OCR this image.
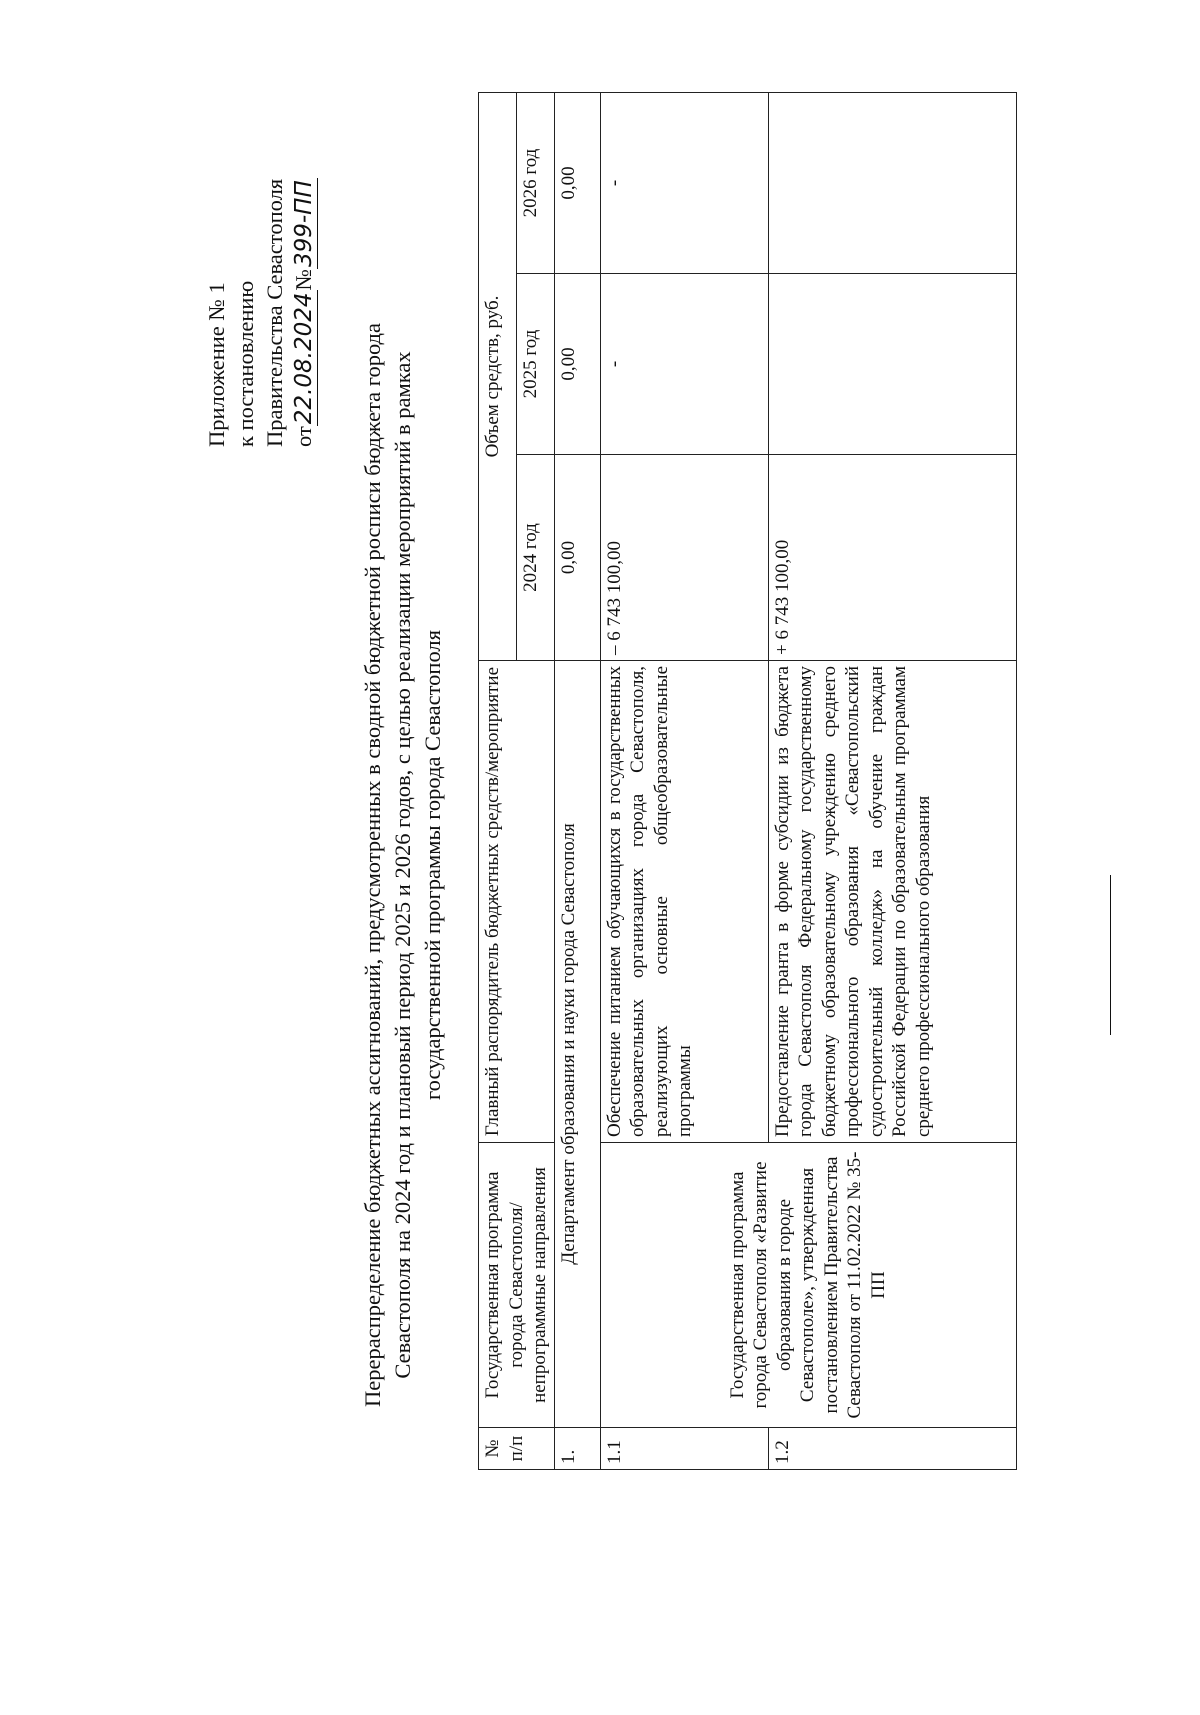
Приложение № 1 к постановлению Правительства Севастополя от22.08.2024№399-ПП
Перераспределение бюджетных ассигнований, предусмотренных в сводной бюджетной росписи бюджета города Севастополя на 2024 год и плановый период 2025 и 2026 годов, с целью реализации мероприятий в рамках государственной программы города Севастополя
№ п/п	Государственная программа города Севастополя/непрограммные направления	Главный распорядитель бюджетных средств/мероприятие	Объем средств, руб.		
			2024 год	2025 год	2026 год
1.	Департамент образования и науки города Севастополя		0,00	0,00	0,00
1.1	Государственная программа города Севастополя «Развитие образования в городе Севастополе», утвержденная постановлением Правительства Севастополя от 11.02.2022 № 35-ПП	Обеспечение питанием обучающихся в государственных образовательных организациях города Севастополя, реализующих основные общеобразовательные программы	– 6 743 100,00	-	-
1.2		Предоставление гранта в форме субсидии из бюджета города Севастополя Федеральному государственному бюджетному образовательному учреждению среднего профессионального образования «Севастопольский судостроительный колледж» на обучение граждан Российской Федерации по образовательным программам среднего профессионального образования	+ 6 743 100,00		
